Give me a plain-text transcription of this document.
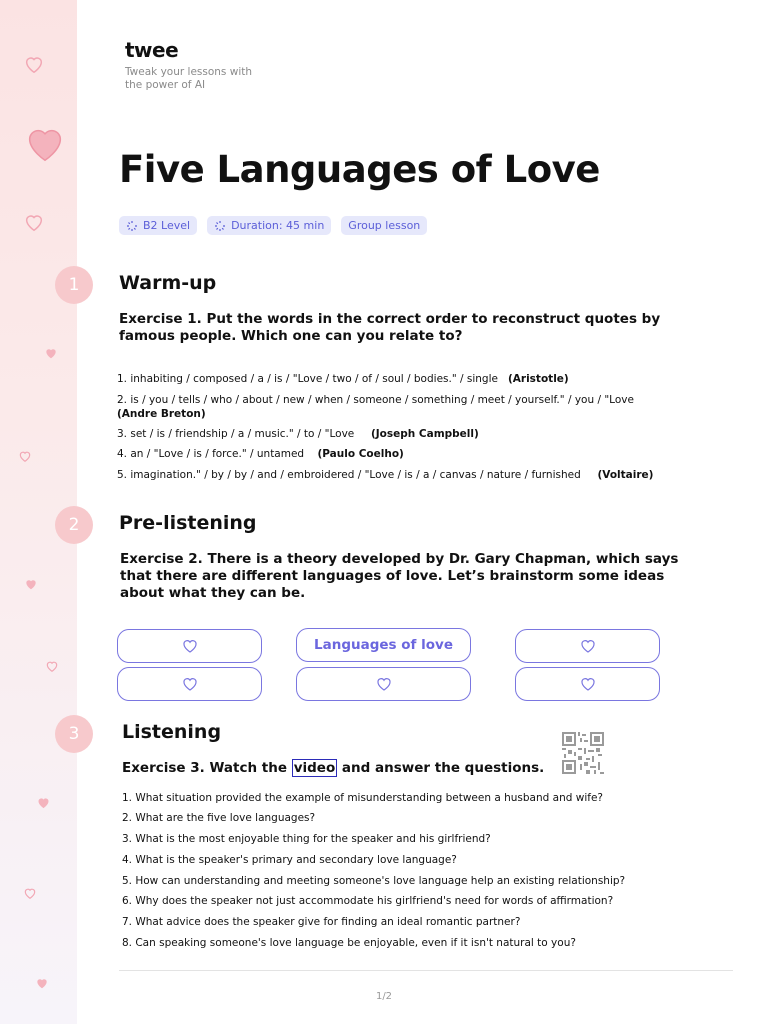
twee
Tweak your lessons with the power of AI
Five Languages of Love
B2 Level	Duration: 45 min Group lesson
1	Warm-up
Exercise 1. Put the words in the correct order to reconstruct quotes by
famous people. Which one can you relate to?
1. inhabiting / composed / a / is / "Love / two / of / soul / bodies." / single (Aristotle)
2. is / you / tells / who / about / new / when / someone / something / meet / yourself." / you / "Love
(Andre Breton)
3. set / is / friendship / a / music." / to / "Love (Joseph Campbell)
4. an / "Love / is / force." / untamed (Paulo Coelho)
5. imagination." / by / by / and / embroidered / "Love / is / a / canvas / nature / furnished (Voltaire)
2	Pre-listening
Exercise 2. There is a theory developed by Dr. Gary Chapman, which says
that there are different languages of love. Let’s brainstorm some ideas
about what they can be.
Languages of love
3	Listening
Exercise 3. Watch the video and answer the questions.
1. What situation provided the example of misunderstanding between a husband and wife?
2. What are the five love languages?
3. What is the most enjoyable thing for the speaker and his girlfriend?
4. What is the speaker's primary and secondary love language?
5. How can understanding and meeting someone's love language help an existing relationship?
6. Why does the speaker not just accommodate his girlfriend's need for words of affirmation?
7. What advice does the speaker give for finding an ideal romantic partner?
8. Can speaking someone's love language be enjoyable, even if it isn't natural to you?
1/2
